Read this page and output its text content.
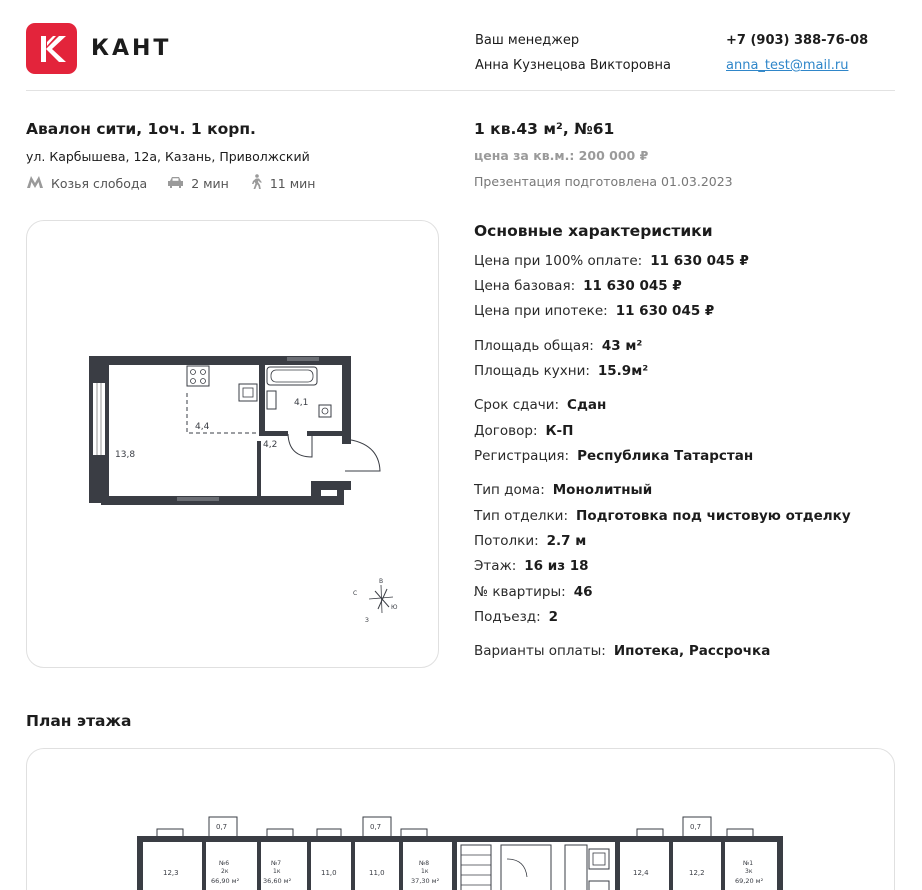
КАНТ	Ваш менеджер
Анна Кузнецова Викторовна
+7 (903) 388-76-08
anna_test@mail.ru
Авалон сити, 1оч. 1 корп.
ул. Карбышева, 12а, Казань, Приволжский
Козья слобода	2 мин	11 мин
13,8
4,4
4,1
4,2
В
С
Ю
З
1 кв.43 м², №61
цена за кв.м.: 200 000 ₽
Презентация подготовлена 01.03.2023
Основные характеристики
Цена при 100% оплате: 11 630 045 ₽
Цена базовая: 11 630 045 ₽
Цена при ипотеке: 11 630 045 ₽
Площадь общая: 43 м²
Площадь кухни: 15.9м²
Срок сдачи: Сдан
Договор: К-П
Регистрация: Республика Татарстан
Тип дома: Монолитный
Тип отделки: Подготовка под чистовую отделку
Потолки: 2.7 м
Этаж: 16 из 18
№ квартиры: 46
Подъезд: 2
Варианты оплаты: Ипотека, Рассрочка
План этажа
0,7	0,7	0,7
12,3
№6
2к
66,90 м²
№7
1к
36,60 м²
11,0	11,0
№8
1к
37,30 м²
12,4	12,2
№1
3к
69,20 м²
